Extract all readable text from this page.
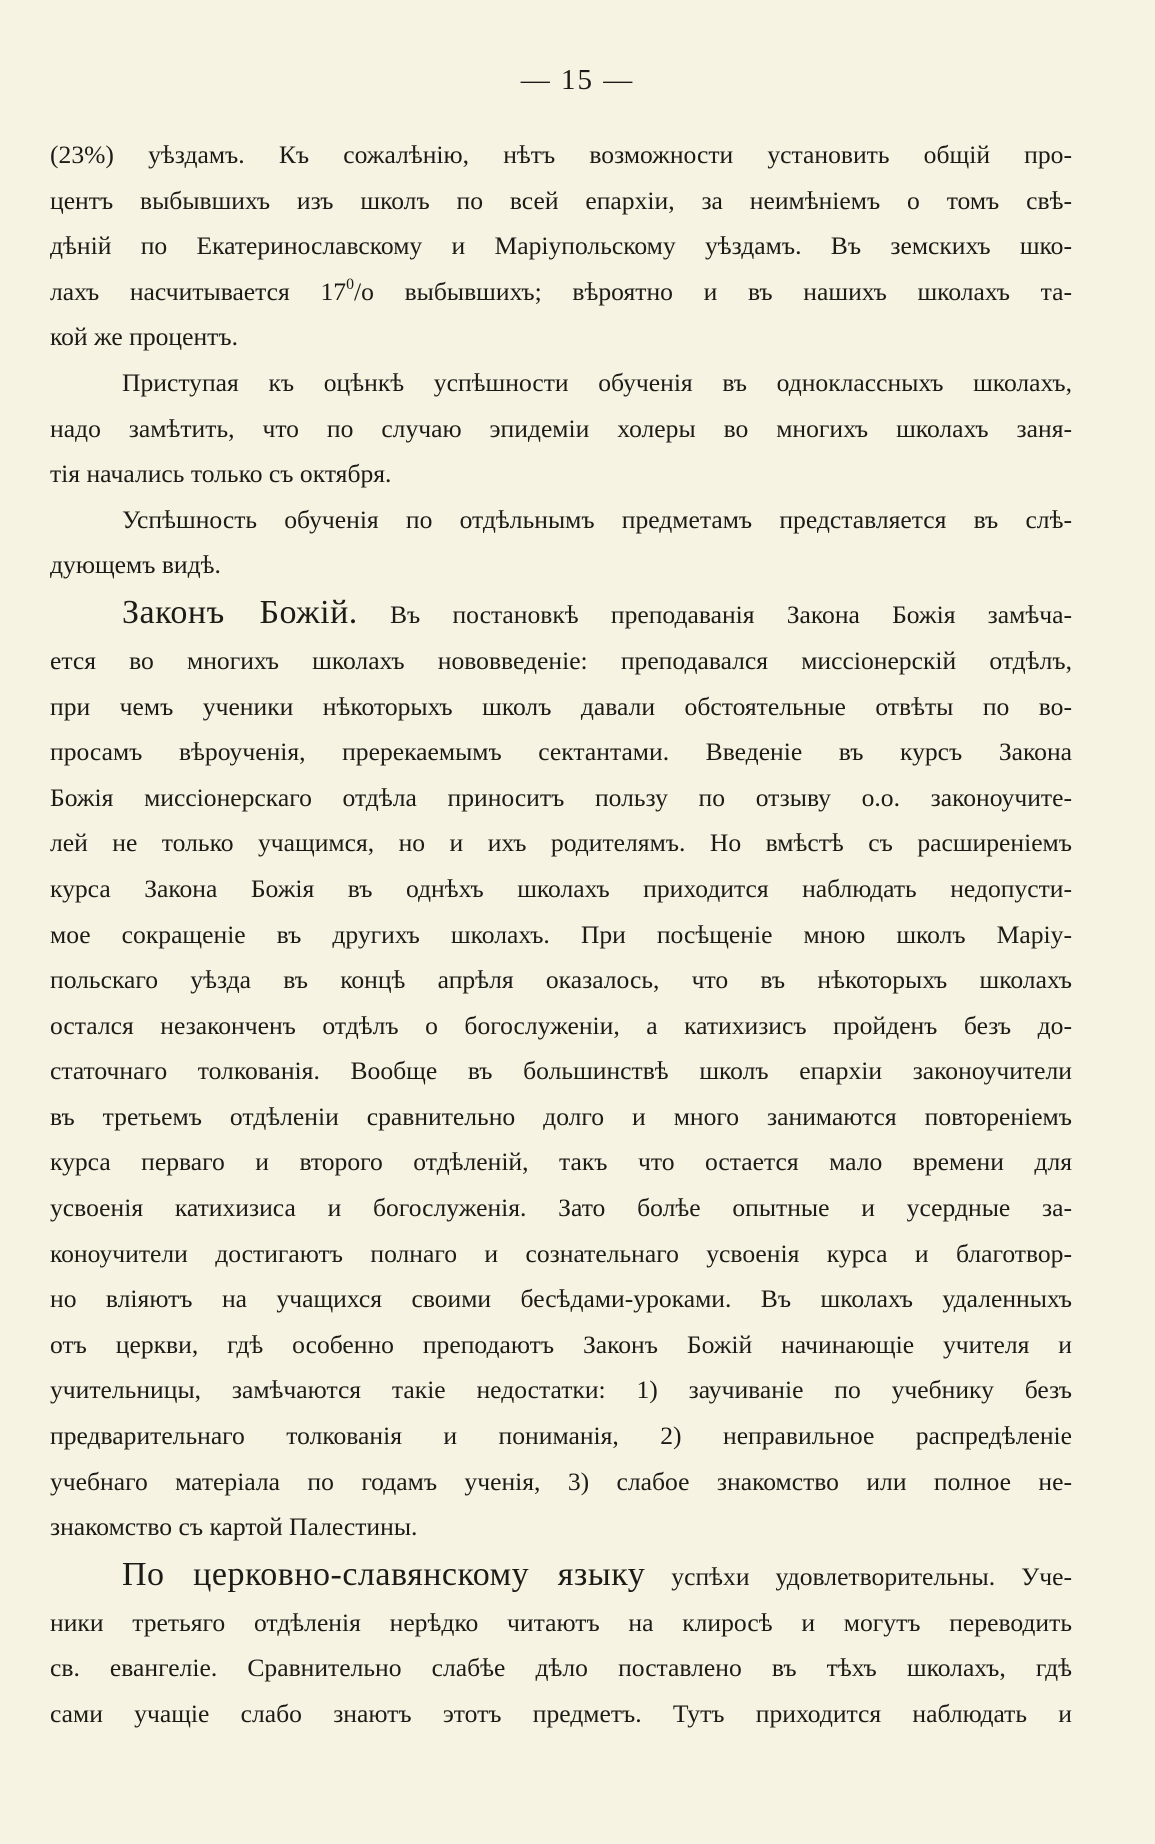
— 15 —
(23%) уѣздамъ. Къ сожалѣнію, нѣтъ возможности установить общій про-
центъ выбывшихъ изъ школъ по всей епархіи, за неимѣніемъ о томъ свѣ-
дѣній по Екатеринославскому и Маріупольскому уѣздамъ. Въ земскихъ шко-
лахъ насчитывается $17^0/o$ выбывшихъ; вѣроятно и въ нашихъ школахъ та-
кой же процентъ.
Приступая къ оцѣнкѣ успѣшности обученія въ одноклассныхъ школахъ,
надо замѣтить, что по случаю эпидеміи холеры во многихъ школахъ заня-
тія начались только съ октября.
Успѣшность обученія по отдѣльнымъ предметамъ представляется въ слѣ-
дующемъ видѣ.
Законъ Божій. Въ постановкѣ преподаванія Закона Божія замѣча-
ется во многихъ школахъ нововведеніе: преподавался миссіонерскій отдѣлъ,
при чемъ ученики нѣкоторыхъ школъ давали обстоятельные отвѣты по во-
просамъ вѣроученія, пререкаемымъ сектантами. Введеніе въ курсъ Закона
Божія миссіонерскаго отдѣла приноситъ пользу по отзыву о.о. законоучите-
лей не только учащимся, но и ихъ родителямъ. Но вмѣстѣ съ расширеніемъ
курса Закона Божія въ однѣхъ школахъ приходится наблюдать недопусти-
мое сокращеніе въ другихъ школахъ. При посѣщеніе мною школъ Маріу-
польскаго уѣзда въ концѣ апрѣля оказалось, что въ нѣкоторыхъ школахъ
остался незаконченъ отдѣлъ о богослуженіи, а катихизисъ пройденъ безъ до-
статочнаго толкованія. Вообще въ большинствѣ школъ епархіи законоучители
въ третьемъ отдѣленіи сравнительно долго и много занимаются повтореніемъ
курса перваго и второго отдѣленій, такъ что остается мало времени для
усвоенія катихизиса и богослуженія. Зато болѣе опытные и усердные за-
коноучители достигаютъ полнаго и сознательнаго усвоенія курса и благотвор-
но вліяютъ на учащихся своими бесѣдами-уроками. Въ школахъ удаленныхъ
отъ церкви, гдѣ особенно преподаютъ Законъ Божій начинающіе учителя и
учительницы, замѣчаются такіе недостатки: 1) заучиваніе по учебнику безъ
предварительнаго толкованія и пониманія, 2) неправильное распредѣленіе
учебнаго матеріала по годамъ ученія, 3) слабое знакомство или полное не-
знакомство съ картой Палестины.
По церковно-славянскому языку успѣхи удовлетворительны. Уче-
ники третьяго отдѣленія нерѣдко читаютъ на клиросѣ и могутъ переводить
св. евангеліе. Сравнительно слабѣе дѣло поставлено въ тѣхъ школахъ, гдѣ
сами учащіе слабо знаютъ этотъ предметъ. Тутъ приходится наблюдать и
